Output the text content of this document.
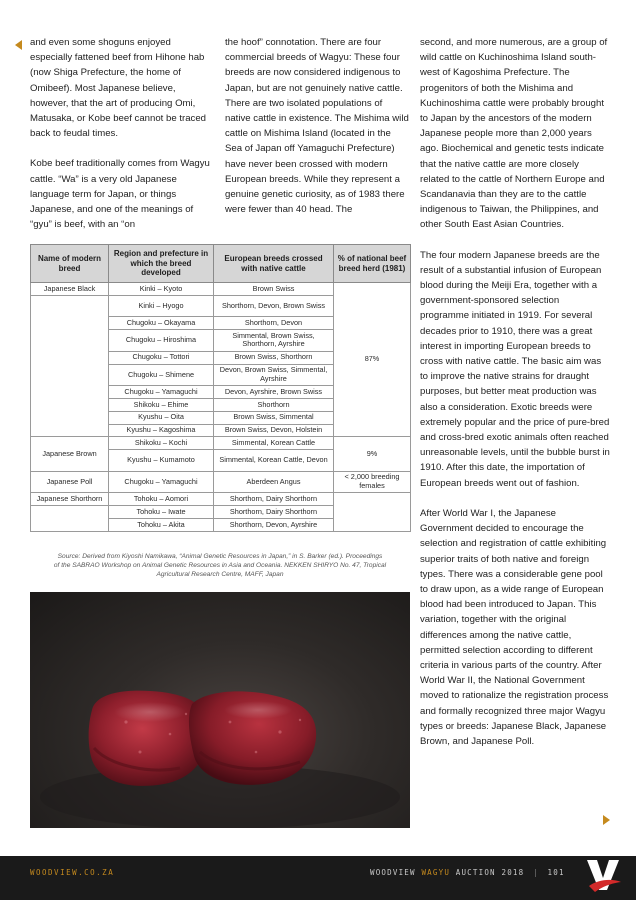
and even some shoguns enjoyed especially fattened beef from Hihone hab (now Shiga Prefecture, the home of Omibeef). Most Japanese believe, however, that the art of producing Omi, Matusaka, or Kobe beef cannot be traced back to feudal times.

Kobe beef traditionally comes from Wagyu cattle. “Wa” is a very old Japanese language term for Japan, or things Japanese, and one of the meanings of “gyu” is beef, with an “on

the hoof” connotation. There are four commercial breeds of Wagyu: These four breeds are now considered indigenous to Japan, but are not genuinely native cattle. There are two isolated populations of native cattle in existence. The Mishima wild cattle on Mishima Island (located in the Sea of Japan off Yamaguchi Prefecture) have never been crossed with modern European breeds. While they represent a genuine genetic curiosity, as of 1983 there were fewer than 40 head. The

second, and more numerous, are a group of wild cattle on Kuchinoshima Island south-west of Kagoshima Prefecture. The progenitors of both the Mishima and Kuchinoshima cattle were probably brought to Japan by the ancestors of the modern Japanese people more than 2,000 years ago. Biochemical and genetic tests indicate that the native cattle are more closely related to the cattle of Northern Europe and Scandanavia than they are to the cattle indigenous to Taiwan, the Philippines, and other South East Asian Countries.

The four modern Japanese breeds are the result of a substantial infusion of European blood during the Meiji Era, together with a government-sponsored selection programme initiated in 1919. For several decades prior to 1910, there was a great interest in importing European breeds to cross with native cattle. The basic aim was to improve the native strains for draught purposes, but better meat production was also a consideration. Exotic breeds were extremely popular and the price of pure-bred and cross-bred exotic animals often reached unreasonable levels, until the bubble burst in 1910. After this date, the importation of European breeds went out of fashion.

After World War I, the Japanese Government decided to encourage the selection and registration of cattle exhibiting superior traits of both native and foreign types. There was a considerable gene pool to draw upon, as a wide range of European blood had been introduced to Japan. This variation, together with the original differences among the native cattle, permitted selection according to different criteria in various parts of the country. After World War II, the National Government moved to rationalize the registration process and formally recognized three major Wagyu types or breeds: Japanese Black, Japanese Brown, and Japanese Poll.

Name of modern breed	Region and prefecture in which the breed developed	European breeds crossed with native cattle	% of national beef breed herd (1981)
Japanese Black	Kinki – Kyoto	Brown Swiss	87%
	Kinki – Hyogo	Shorthorn, Devon, Brown Swiss	
	Chugoku – Okayama	Shorthorn, Devon	
	Chugoku – Hiroshima	Simmental, Brown Swiss, Shorthorn, Ayrshire	
	Chugoku – Tottori	Brown Swiss, Shorthorn	
	Chugoku – Shimene	Devon, Brown Swiss, Simmental, Ayrshire	
	Chugoku – Yamaguchi	Devon, Ayrshire, Brown Swiss	
	Shikoku – Ehime	Shorthorn	
	Kyushu – Oita	Brown Swiss, Simmental	
	Kyushu – Kagoshima	Brown Swiss, Devon, Holstein	
Japanese Brown	Shikoku – Kochi	Simmental, Korean Cattle	9%
	Kyushu – Kumamoto	Simmental, Korean Cattle, Devon	
Japanese Poll	Chugoku – Yamaguchi	Aberdeen Angus	< 2,000 breeding females
Japanese Shorthorn	Tohoku – Aomori	Shorthorn, Dairy Shorthorn	
	Tohoku – Iwate	Shorthorn, Dairy Shorthorn	
	Tohoku – Akita	Shorthorn, Devon, Ayrshire	
Source: Derived from Kiyoshi Namikawa, “Animal Genetic Resources in Japan,” in S. Barker (ed.). Proceedings
of the SABRAO Workshop on Animal Genetic Resources in Asia and Oceania. NEKKEN SHIRYO No. 47, Tropical
Agricultural Research Centre, MAFF, Japan
WOODVIEW.CO.ZA	WOODVIEW WAGYU AUCTION 2018 | 101
